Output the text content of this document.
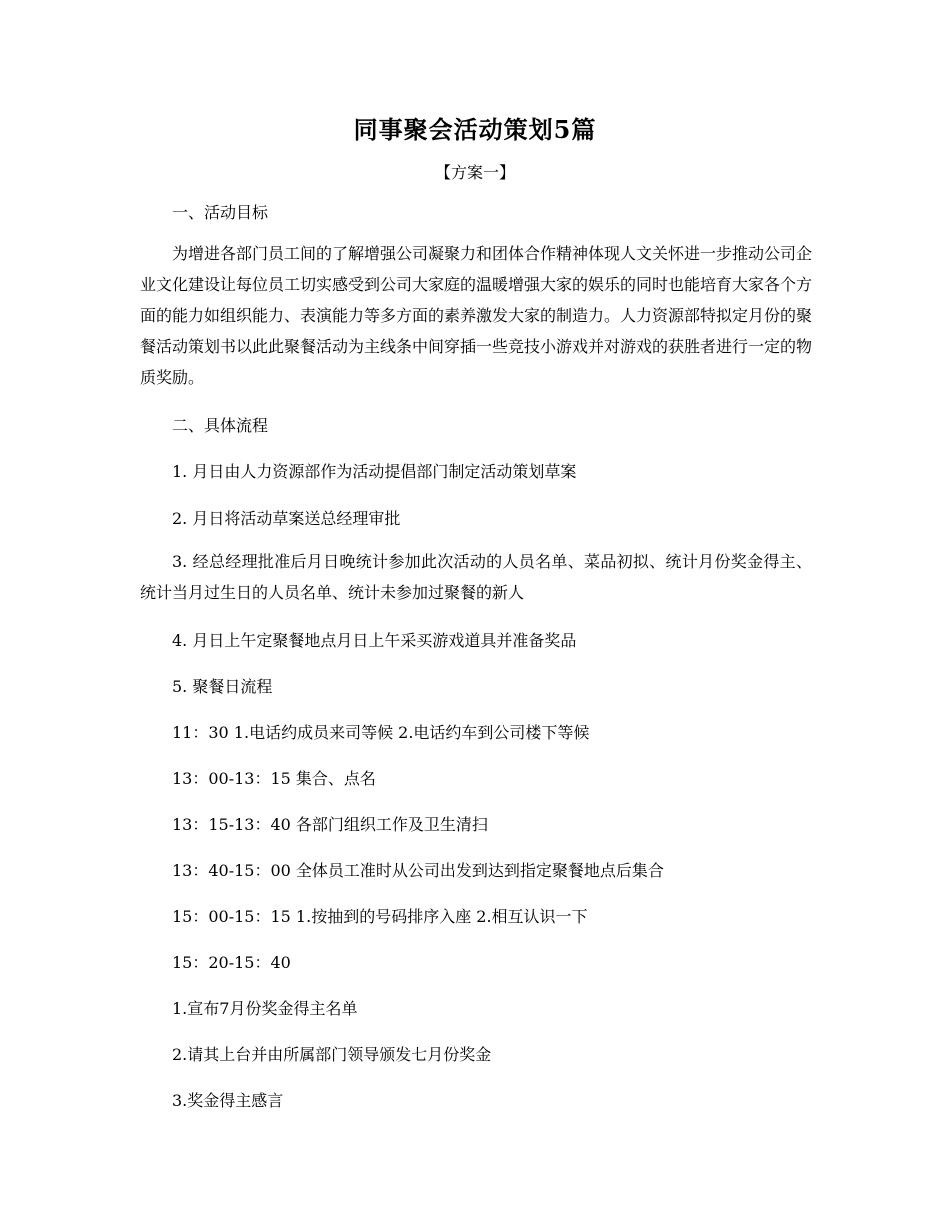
同事聚会活动策划5篇
【方案一】
一、活动目标
为增进各部门员工间的了解增强公司凝聚力和团体合作精神体现人文关怀进一步推动公司企业文化建设让每位员工切实感受到公司大家庭的温暖增强大家的娱乐的同时也能培育大家各个方面的能力如组织能力、表演能力等多方面的素养激发大家的制造力。人力资源部特拟定月份的聚餐活动策划书以此此聚餐活动为主线条中间穿插一些竞技小游戏并对游戏的获胜者进行一定的物质奖励。
二、具体流程
1. 月日由人力资源部作为活动提倡部门制定活动策划草案
2. 月日将活动草案送总经理审批
3. 经总经理批准后月日晚统计参加此次活动的人员名单、菜品初拟、统计月份奖金得主、统计当月过生日的人员名单、统计未参加过聚餐的新人
4. 月日上午定聚餐地点月日上午采买游戏道具并准备奖品
5. 聚餐日流程
11：30 1.电话约成员来司等候 2.电话约车到公司楼下等候
13：00-13：15 集合、点名
13：15-13：40 各部门组织工作及卫生清扫
13：40-15：00 全体员工准时从公司出发到达到指定聚餐地点后集合
15：00-15：15 1.按抽到的号码排序入座 2.相互认识一下
15：20-15：40
1.宣布7月份奖金得主名单
2.请其上台并由所属部门领导颁发七月份奖金
3.奖金得主感言
